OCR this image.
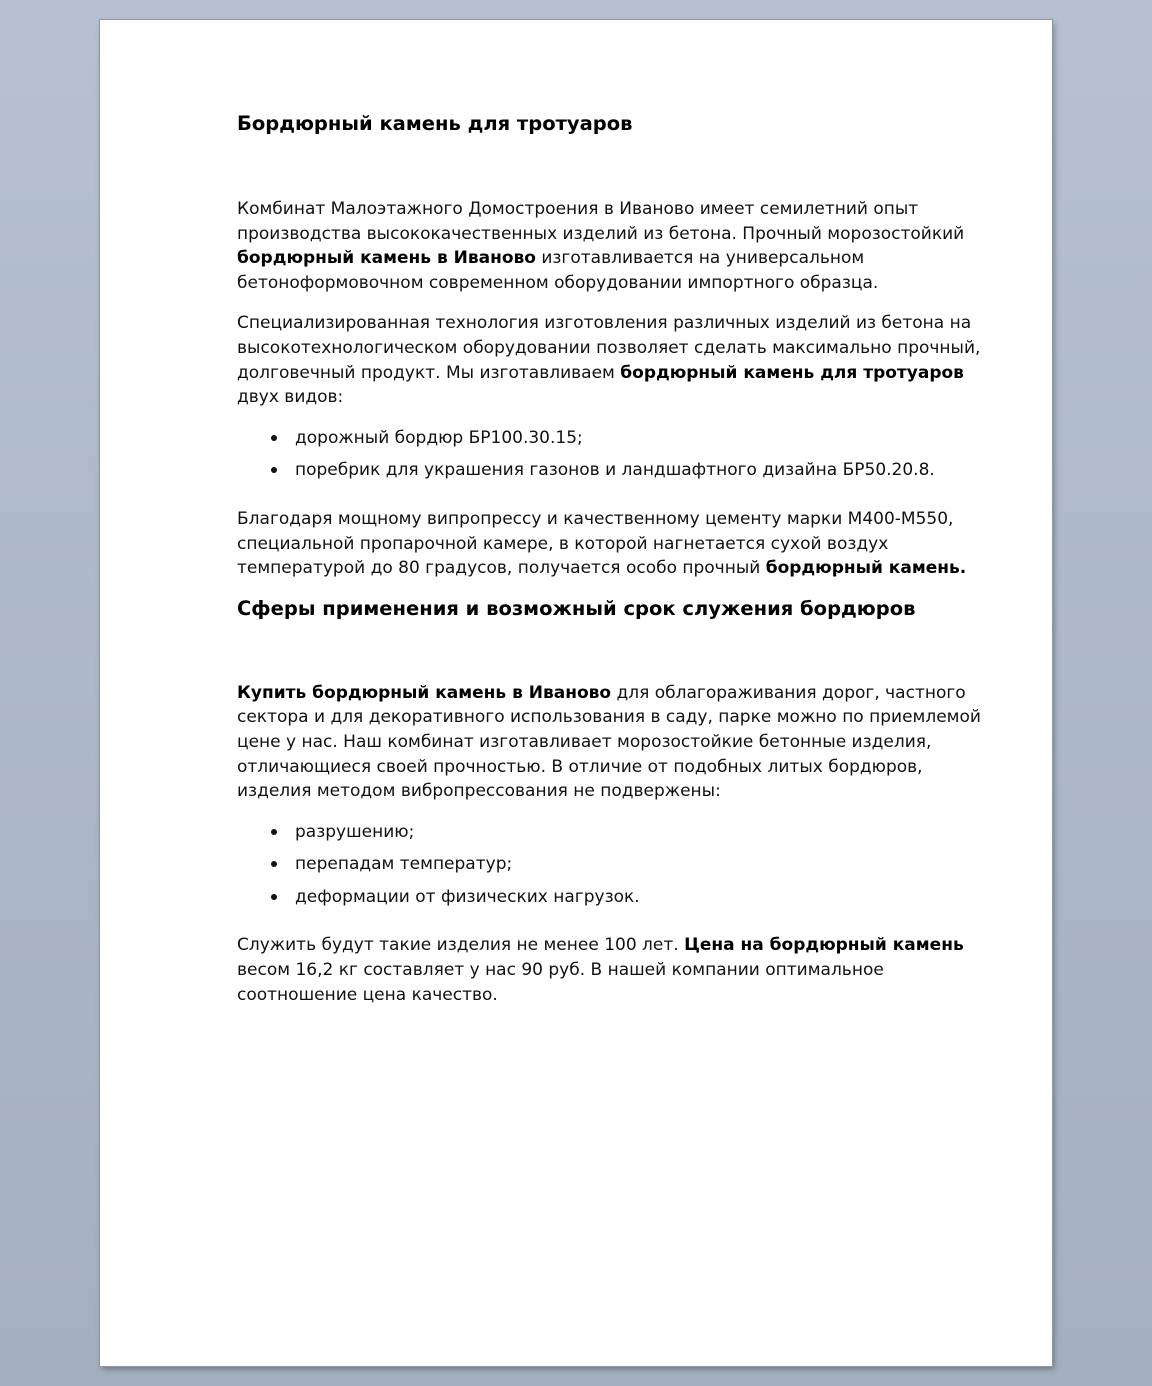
Бордюрный камень для тротуаров

Комбинат Малоэтажного Домостроения в Иваново имеет семилетний опыт производства высококачественных изделий из бетона. Прочный морозостойкий бордюрный камень в Иваново изготавливается на универсальном бетоноформовочном современном оборудовании импортного образца.

Специализированная технология изготовления различных изделий из бетона на высокотехнологическом оборудовании позволяет сделать максимально прочный, долговечный продукт. Мы изготавливаем бордюрный камень для тротуаров двух видов:

дорожный бордюр БР100.30.15;
поребрик для украшения газонов и ландшафтного дизайна БР50.20.8.

Благодаря мощному випропрессу и качественному цементу марки М400-М550, специальной пропарочной камере, в которой нагнетается сухой воздух температурой до 80 градусов, получается особо прочный бордюрный камень.

Сферы применения и возможный срок служения бордюров

Купить бордюрный камень в Иваново для облагораживания дорог, частного сектора и для декоративного использования в саду, парке можно по приемлемой цене у нас. Наш комбинат изготавливает морозостойкие бетонные изделия, отличающиеся своей прочностью. В отличие от подобных литых бордюров, изделия методом вибропрессования не подвержены:

разрушению;
перепадам температур;
деформации от физических нагрузок.

Служить будут такие изделия не менее 100 лет. Цена на бордюрный камень весом 16,2 кг составляет у нас 90 руб. В нашей компании оптимальное соотношение цена качество.
